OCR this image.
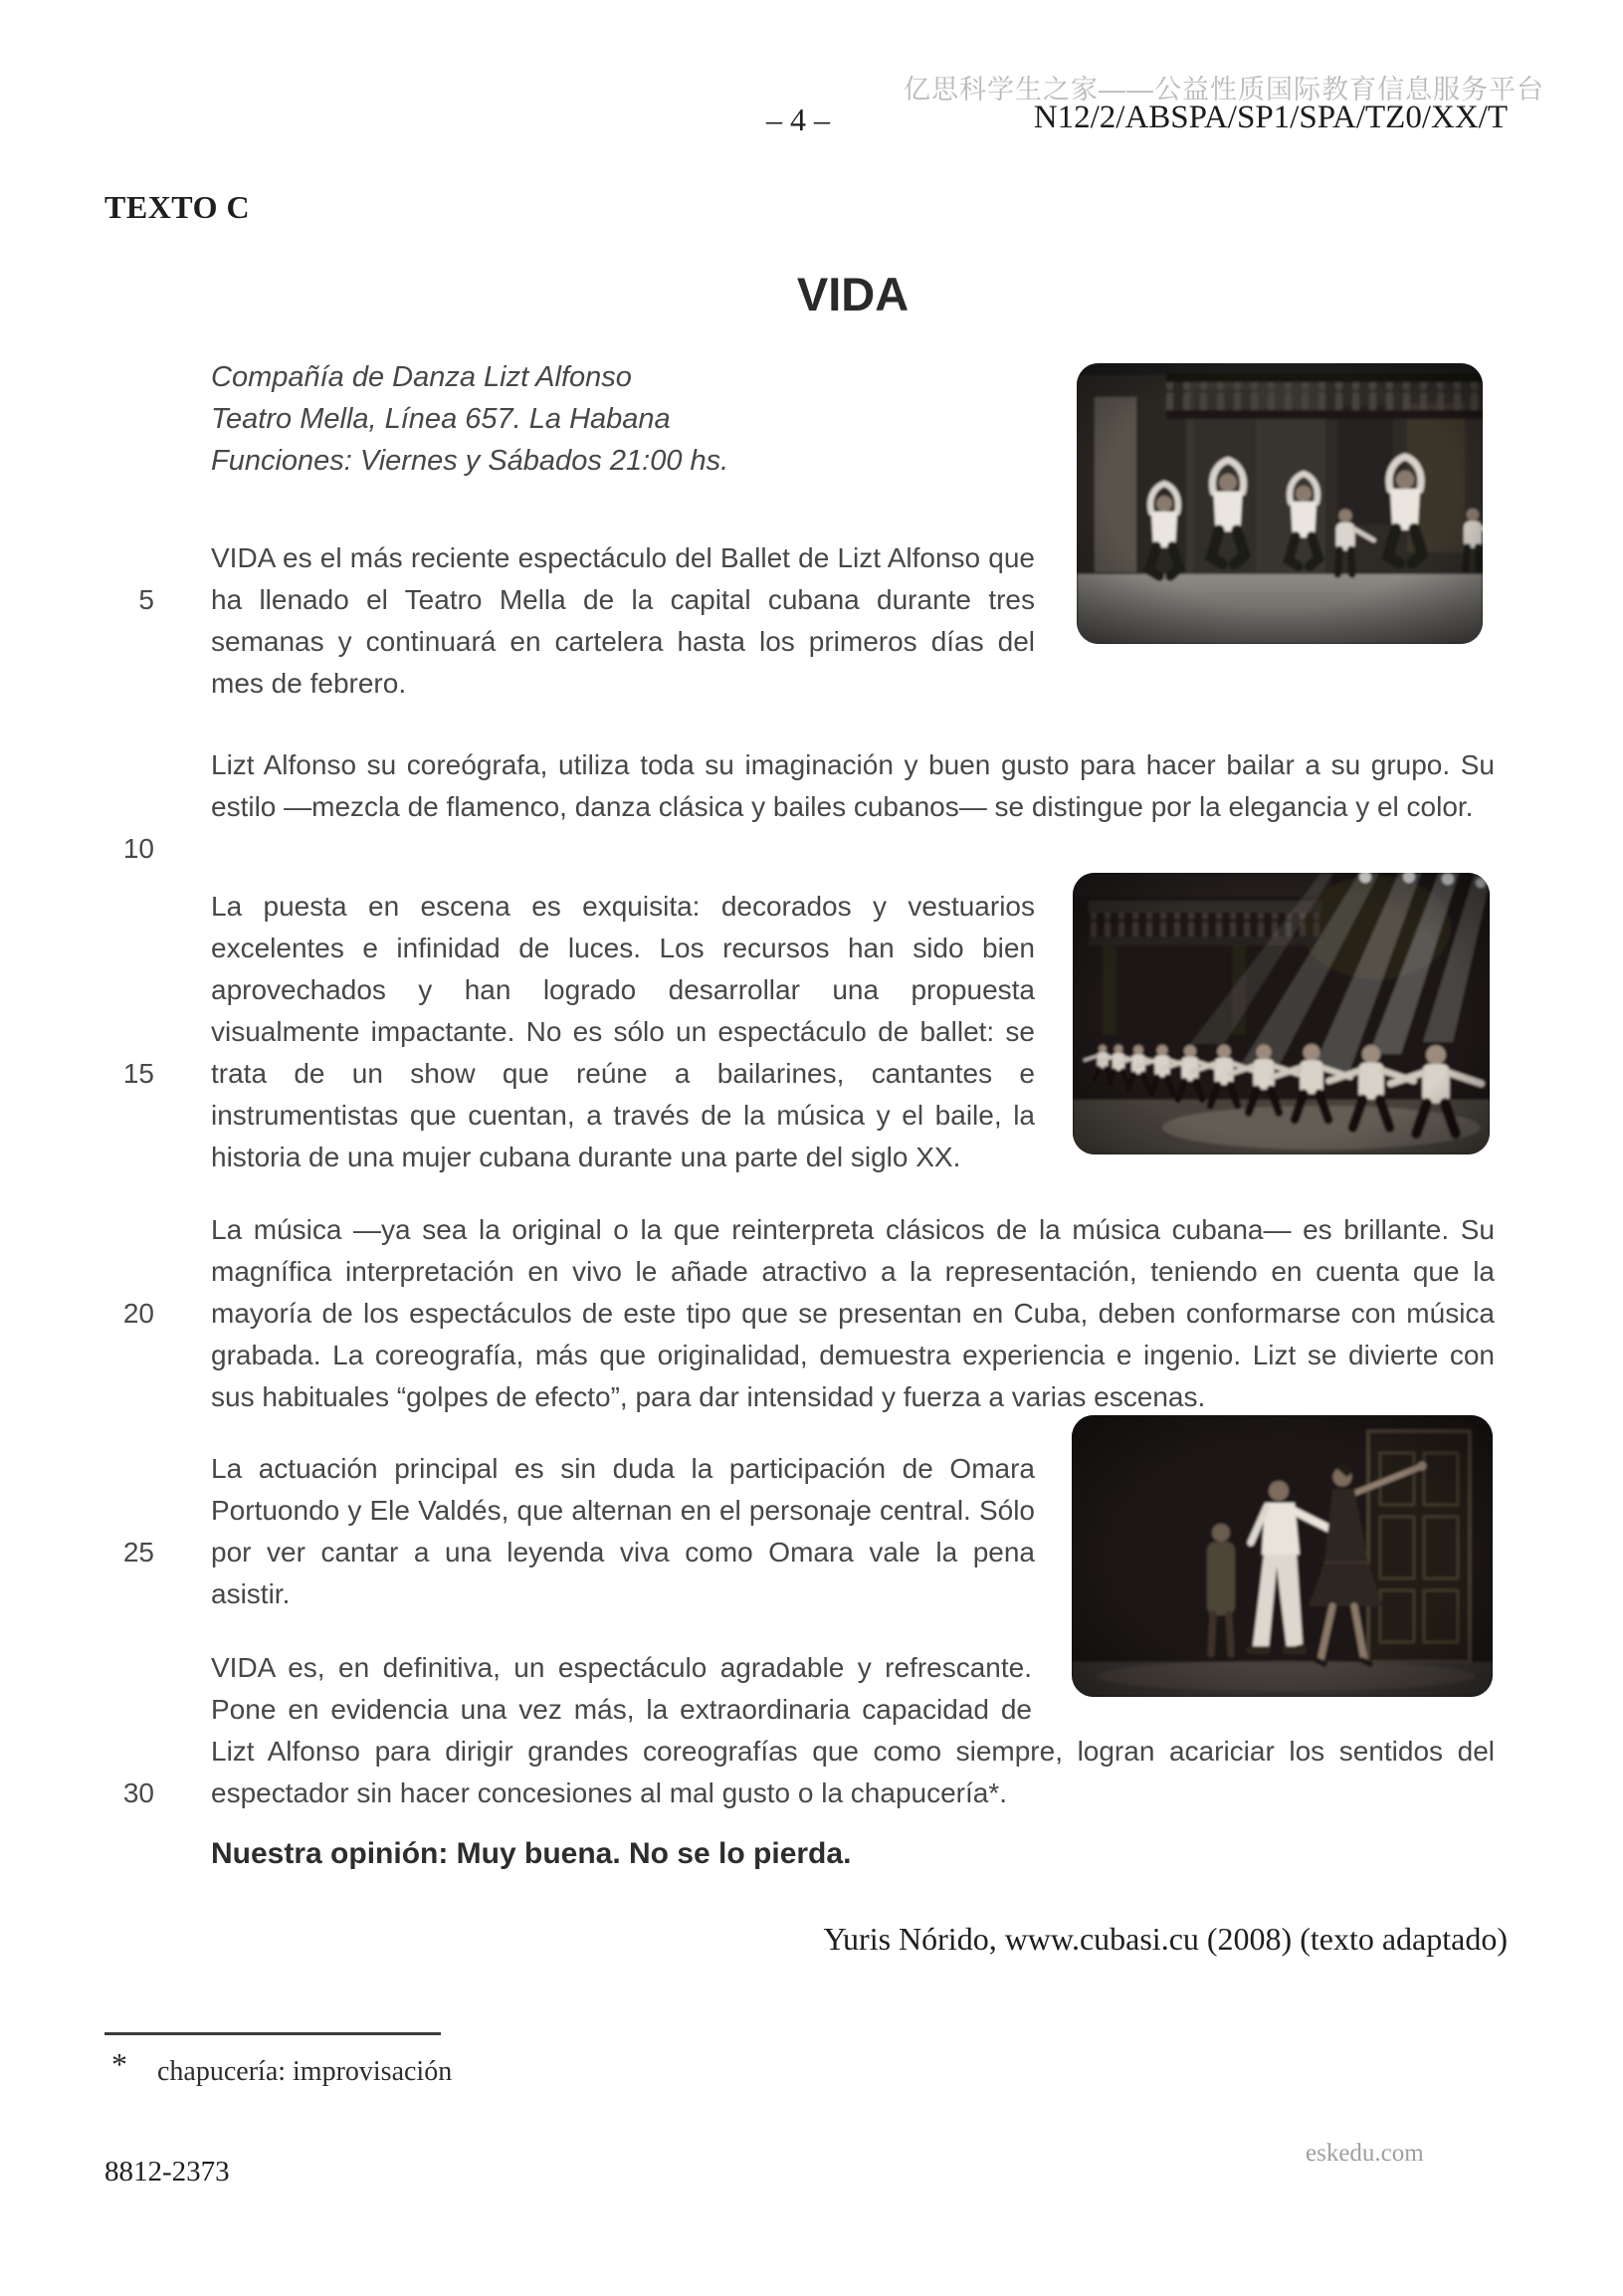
亿思科学生之家——公益性质国际教育信息服务平台
– 4 –	N12/2/ABSPA/SP1/SPA/TZ0/XX/T
TEXTO C
VIDA
Compañía de Danza Lizt Alfonso
Teatro Mella, Línea 657. La Habana
Funciones: Viernes y Sábados 21:00 hs.
5
10
15
20
25
30

VIDA es el más reciente espectáculo del Ballet de Lizt Alfonso que ha llenado el Teatro Mella de la capital cubana durante tres semanas y continuará en cartelera hasta los primeros días del mes de febrero.

Lizt Alfonso su coreógrafa, utiliza toda su imaginación y buen gusto para hacer bailar a su grupo. Su estilo —mezcla de flamenco, danza clásica y bailes cubanos— se distingue por la elegancia y el color.

La puesta en escena es exquisita: decorados y vestuarios excelentes e infinidad de luces. Los recursos han sido bien aprovechados y han logrado desarrollar una propuesta visualmente impactante. No es sólo un espectáculo de ballet: se trata de un show que reúne a bailarines, cantantes e instrumentistas que cuentan, a través de la música y el baile, la historia de una mujer cubana durante una parte del siglo XX.

La música —ya sea la original o la que reinterpreta clásicos de la música cubana— es brillante. Su magnífica interpretación en vivo le añade atractivo a la representación, teniendo en cuenta que la mayoría de los espectáculos de este tipo que se presentan en Cuba, deben conformarse con música grabada. La coreografía, más que originalidad, demuestra experiencia e ingenio. Lizt se divierte con sus habituales “golpes de efecto”, para dar intensidad y fuerza a varias escenas.

La actuación principal es sin duda la participación de Omara Portuondo y Ele Valdés, que alternan en el personaje central. Sólo por ver cantar a una leyenda viva como Omara vale la pena asistir.

VIDA es, en definitiva, un espectáculo agradable y refrescante. Pone en evidencia una vez más, la extraordinaria capacidad de Lizt Alfonso para dirigir grandes coreografías que como siempre, logran acariciar los sentidos del espectador sin hacer concesiones al mal gusto o la chapucería*.

Nuestra opinión: Muy buena. No se lo pierda.

Yuris Nórido, www.cubasi.cu (2008) (texto adaptado)

* chapucería: improvisación
8812-2373
eskedu.com
